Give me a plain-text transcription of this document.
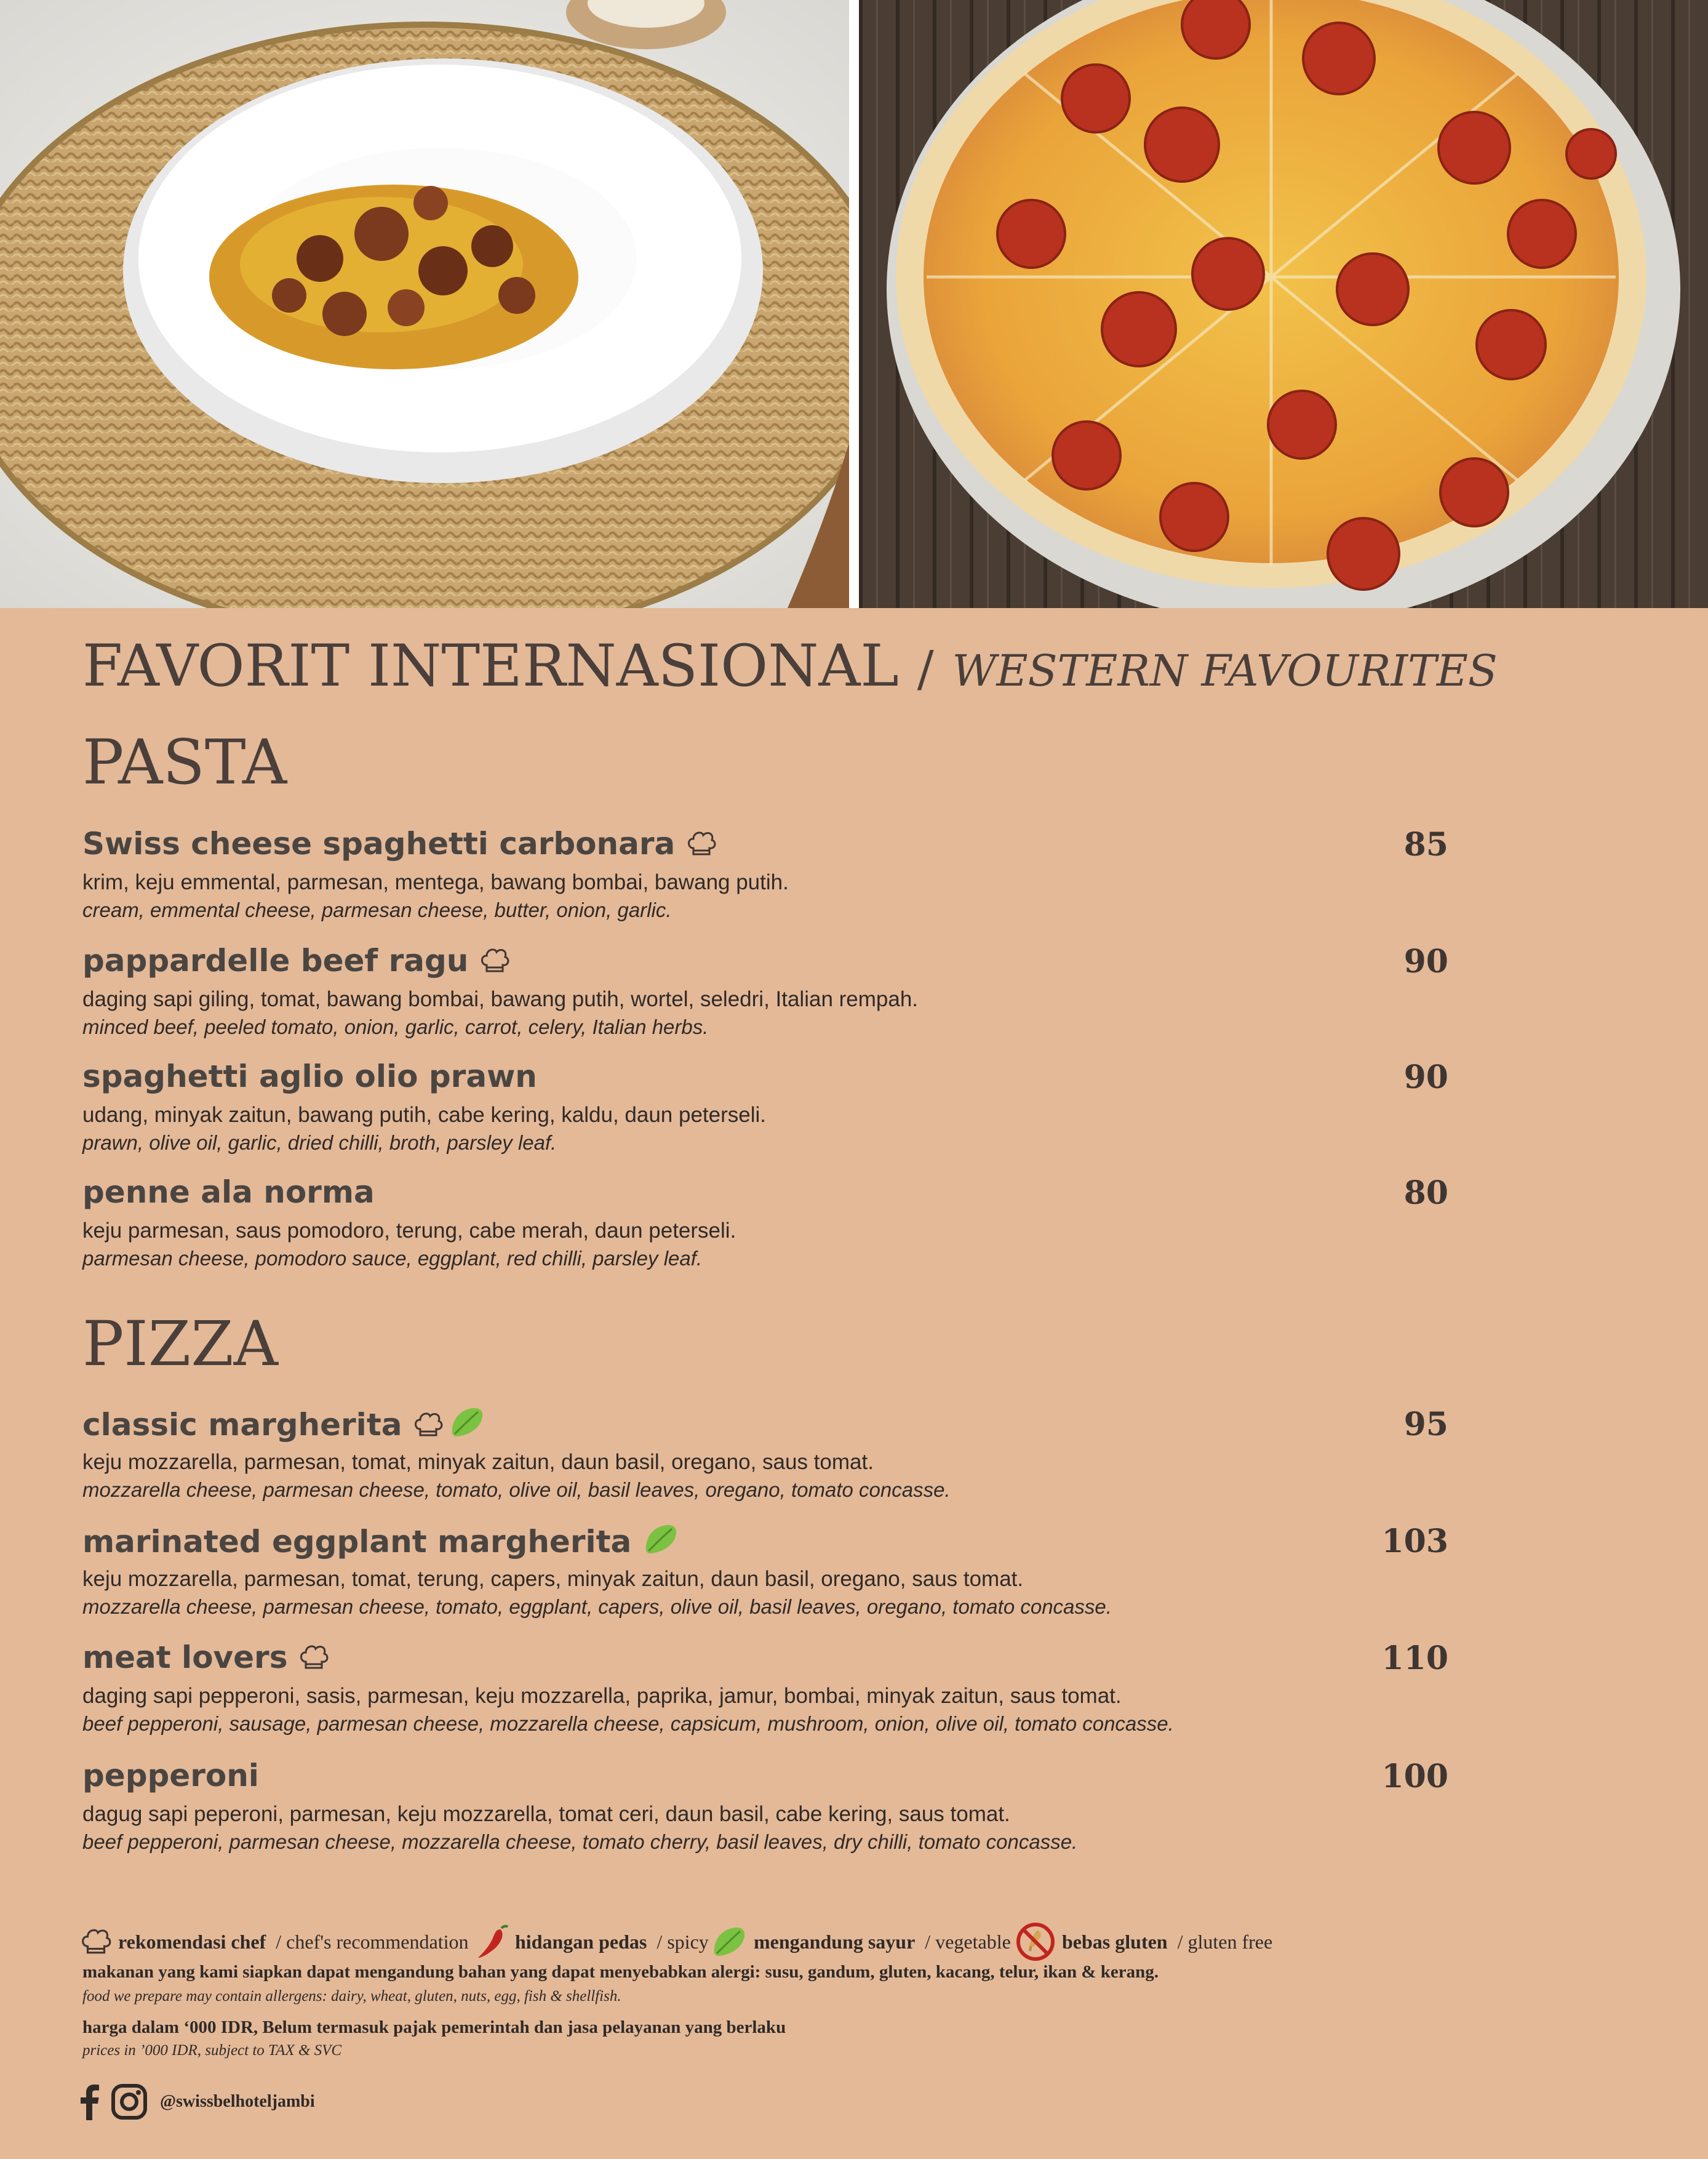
FAVORIT INTERNASIONAL / WESTERN FAVOURITES
PASTA

Swiss cheese spaghetti carbonara	85

krim, keju emmental, parmesan, mentega, bawang bombai, bawang putih.

cream, emmental cheese, parmesan cheese, butter, onion, garlic.

pappardelle beef ragu	90

daging sapi giling, tomat, bawang bombai, bawang putih, wortel, seledri, Italian rempah.

minced beef, peeled tomato, onion, garlic, carrot, celery, Italian herbs.

spaghetti aglio olio prawn	90

udang, minyak zaitun, bawang putih, cabe kering, kaldu, daun peterseli.

prawn, olive oil, garlic, dried chilli, broth, parsley leaf.

penne ala norma	80

keju parmesan, saus pomodoro, terung, cabe merah, daun peterseli.

parmesan cheese, pomodoro sauce, eggplant, red chilli, parsley leaf.

PIZZA

classic margherita	95

keju mozzarella, parmesan, tomat, minyak zaitun, daun basil, oregano, saus tomat.

mozzarella cheese, parmesan cheese, tomato, olive oil, basil leaves, oregano, tomato concasse.

marinated eggplant margherita	103

keju mozzarella, parmesan, tomat, terung, capers, minyak zaitun, daun basil, oregano, saus tomat.

mozzarella cheese, parmesan cheese, tomato, eggplant, capers, olive oil, basil leaves, oregano, tomato concasse.

meat lovers	110

daging sapi pepperoni, sasis, parmesan, keju mozzarella, paprika, jamur, bombai, minyak zaitun, saus tomat.

beef pepperoni, sausage, parmesan cheese, mozzarella cheese, capsicum, mushroom, onion, olive oil, tomato concasse.

pepperoni	100

dagug sapi peperoni, parmesan, keju mozzarella, tomat ceri, daun basil, cabe kering, saus tomat.

beef pepperoni, parmesan cheese, mozzarella cheese, tomato cherry, basil leaves, dry chilli, tomato concasse.

rekomendasi chef / chef's recommendation hidangan pedas / spicy mengandung sayur / vegetable	bebas gluten / gluten free

makanan yang kami siapkan dapat mengandung bahan yang dapat menyebabkan alergi: susu, gandum, gluten, kacang, telur, ikan & kerang.

food we prepare may contain allergens: dairy, wheat, gluten, nuts, egg, fish & shellfish.

harga dalam ‘000 IDR, Belum termasuk pajak pemerintah dan jasa pelayanan yang berlaku

prices in ’000 IDR, subject to TAX & SVC

@swissbelhoteljambi
